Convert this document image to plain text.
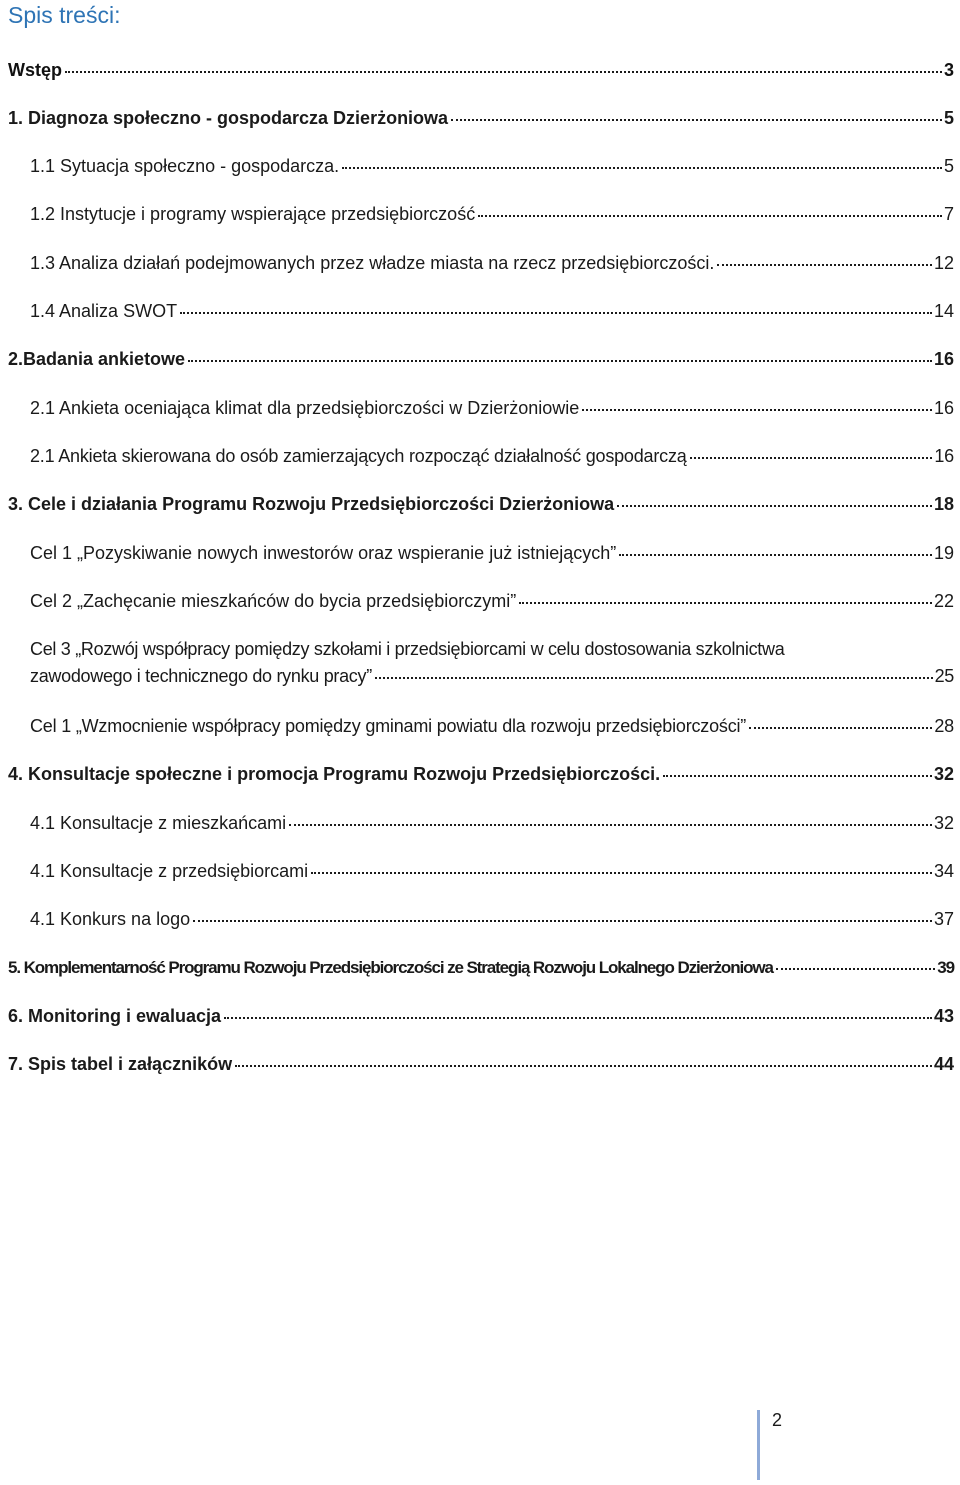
Spis treści:
Wstęp	3
1. Diagnoza społeczno - gospodarcza Dzierżoniowa	5
1.1 Sytuacja społeczno - gospodarcza.	5
1.2 Instytucje i programy wspierające przedsiębiorczość	7
1.3 Analiza działań podejmowanych przez władze miasta na rzecz przedsiębiorczości.	12
1.4 Analiza SWOT	14
2.Badania ankietowe	16
2.1 Ankieta oceniająca klimat dla przedsiębiorczości w Dzierżoniowie	16
2.1 Ankieta skierowana do osób zamierzających rozpocząć działalność gospodarczą	16
3. Cele i działania Programu Rozwoju Przedsiębiorczości Dzierżoniowa	18
Cel 1 „Pozyskiwanie nowych inwestorów oraz wspieranie już istniejących”	19
Cel 2 „Zachęcanie mieszkańców do bycia przedsiębiorczymi”	22
Cel 3 „Rozwój współpracy pomiędzy szkołami i przedsiębiorcami w celu dostosowania szkolnictwa
zawodowego i technicznego do rynku pracy”	25
Cel 1 „Wzmocnienie współpracy pomiędzy gminami powiatu dla rozwoju przedsiębiorczości”	28
4. Konsultacje społeczne i promocja Programu Rozwoju Przedsiębiorczości.	32
4.1 Konsultacje z mieszkańcami	32
4.1 Konsultacje z przedsiębiorcami	34
4.1 Konkurs na logo	37
5. Komplementarność Programu Rozwoju Przedsiębiorczości ze Strategią Rozwoju Lokalnego Dzierżoniowa	39
6. Monitoring i ewaluacja	43
7. Spis tabel i załączników	44
2
